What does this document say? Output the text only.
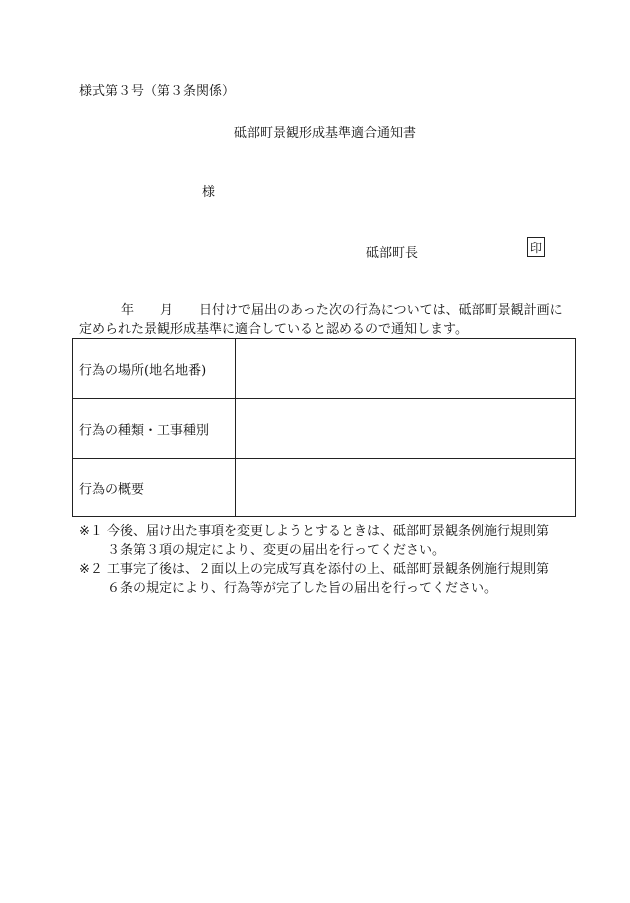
様式第３号（第３条関係）
砥部町景観形成基準適合通知書
様
砥部町長	印
年　　月　　日付けで届出のあった次の行為については、砥部町景観計画に
定められた景観形成基準に適合していると認めるので通知します。
行為の場所(地名地番)
行為の種類・工事種別
行為の概要
※１ 今後、届け出た事項を変更しようとするときは、砥部町景観条例施行規則第
３条第３項の規定により、変更の届出を行ってください。
※２ 工事完了後は、２面以上の完成写真を添付の上、砥部町景観条例施行規則第
６条の規定により、行為等が完了した旨の届出を行ってください。
